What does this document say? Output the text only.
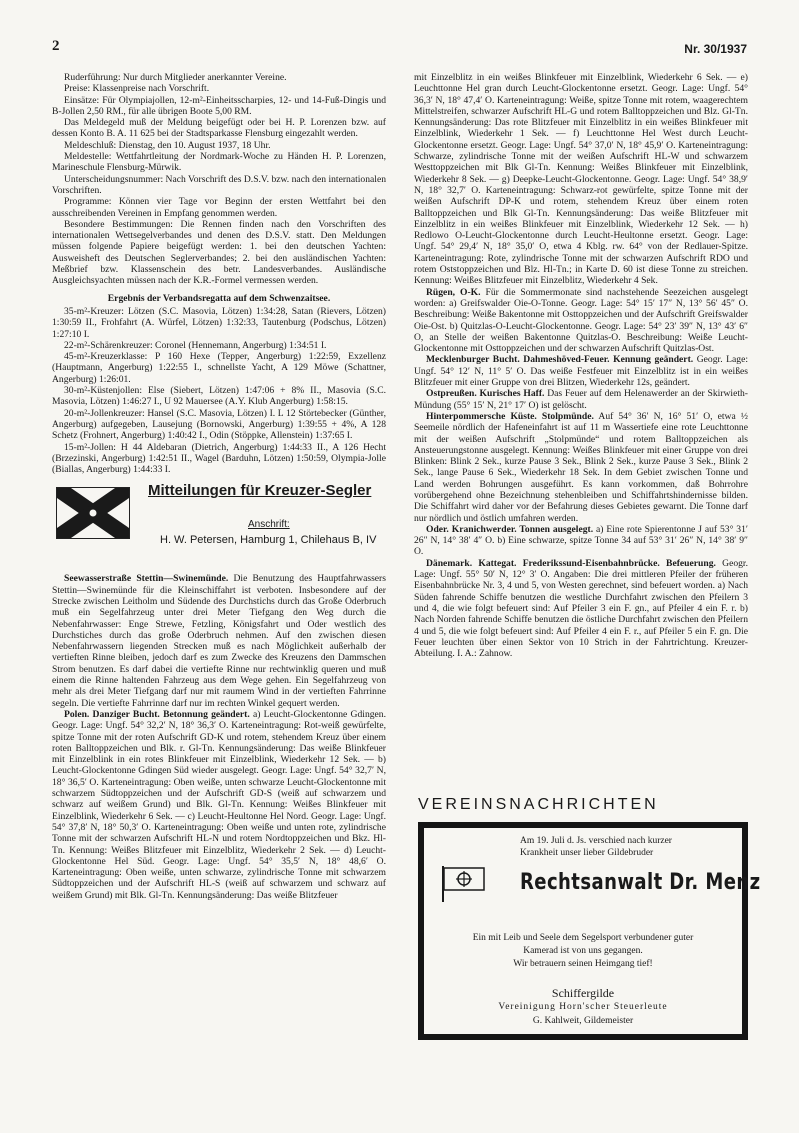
2	Nr. 30/1937

Ruderführung: Nur durch Mitglieder anerkannter Vereine.

Preise: Klassenpreise nach Vorschrift.

Einsätze: Für Olympiajollen, 12-m²-Einheitsscharpies, 12- und 14-Fuß-Dingis und B-Jollen 2,50 RM., für alle übrigen Boote 5,00 RM.

Das Meldegeld muß der Meldung beigefügt oder bei H. P. Lorenzen bzw. auf dessen Konto B. A. 11 625 bei der Stadtsparkasse Flensburg eingezahlt werden.

Meldeschluß: Dienstag, den 10. August 1937, 18 Uhr.

Meldestelle: Wettfahrtleitung der Nordmark-Woche zu Händen H. P. Lorenzen, Marineschule Flensburg-Mürwik.

Unterscheidungsnummer: Nach Vorschrift des D.S.V. bzw. nach den internationalen Vorschriften.

Programme: Können vier Tage vor Beginn der ersten Wettfahrt bei den ausschreibenden Vereinen in Empfang genommen werden.

Besondere Bestimmungen: Die Rennen finden nach den Vorschriften des internationalen Wettsegelverbandes und denen des D.S.V. statt. Den Meldungen müssen folgende Papiere beigefügt werden: 1. bei den deutschen Yachten: Ausweisheft des Deutschen Seglerverbandes; 2. bei den ausländischen Yachten: Meßbrief bzw. Klassenschein des betr. Landesverbandes. Ausländische Ausgleichsyachten müssen nach der K.R.-Formel vermessen werden.

Ergebnis der Verbandsregatta auf dem Schwenzaitsee.

35-m²-Kreuzer: Lötzen (S.C. Masovia, Lötzen) 1:34:28, Satan (Rievers, Lötzen) 1:30:59 II., Frohfahrt (A. Würfel, Lötzen) 1:32:33, Tautenburg (Podschus, Lötzen) 1:27:10 I.

22-m²-Schärenkreuzer: Coronel (Hennemann, Angerburg) 1:34:51 I.

45-m²-Kreuzerklasse: P 160 Hexe (Tepper, Angerburg) 1:22:59, Exzellenz (Hauptmann, Angerburg) 1:22:55 I., schnellste Yacht, A 129 Möwe (Schattner, Angerburg) 1:26:01.

30-m²-Küstenjollen: Else (Siebert, Lötzen) 1:47:06 + 8% II., Masovia (S.C. Masovia, Lötzen) 1:46:27 I., U 92 Mauersee (A.Y. Klub Angerburg) 1:58:15.

20-m²-Jollenkreuzer: Hansel (S.C. Masovia, Lötzen) I. L 12 Störtebecker (Günther, Angerburg) aufgegeben, Lausejung (Bornowski, Angerburg) 1:39:55 + 4%, A 128 Schetz (Frohnert, Angerburg) 1:40:42 I., Odin (Stöppke, Allenstein) 1:37:65 I.

15-m²-Jollen: H 44 Aldebaran (Dietrich, Angerburg) 1:44:33 II., A 126 Hecht (Brzezinski, Angerburg) 1:42:51 II., Wagel (Barduhn, Lötzen) 1:50:59, Olympia-Jolle (Biallas, Angerburg) 1:44:33 I.

Mitteilungen für Kreuzer-Segler
Anschrift:
H. W. Petersen, Hamburg 1, Chilehaus B, IV

Seewasserstraße Stettin—Swinemünde. Die Benutzung des Hauptfahrwassers Stettin—Swinemünde für die Kleinschiffahrt ist verboten. Insbesondere auf der Strecke zwischen Leitholm und Südende des Durchstichs durch das Große Oderbruch muß ein Segelfahrzeug unter drei Meter Tiefgang den Weg durch die Nebenfahrwasser: Enge Strewe, Fetzling, Königsfahrt und Oder westlich des Durchstiches durch das große Oderbruch nehmen. Auf den zwischen diesen Nebenfahrwassern liegenden Strecken muß es nach Möglichkeit außerhalb der vertieften Rinne bleiben, jedoch darf es zum Zwecke des Kreuzens den Dammschen Strom benutzen. Es darf dabei die vertiefte Rinne nur rechtwinklig queren und muß einem die Rinne haltenden Fahrzeug aus dem Wege gehen. Ein Segelfahrzeug von mehr als drei Meter Tiefgang darf nur mit raumem Wind in der vertieften Fahrrinne segeln. Die vertiefte Fahrrinne darf nur im rechten Winkel gequert werden.

Polen. Danziger Bucht. Betonnung geändert. a) Leucht-Glockentonne Gdingen. Geogr. Lage: Ungf. 54° 32,2′ N, 18° 36,3′ O. Karteneintragung: Rot-weiß gewürfelte, spitze Tonne mit der roten Aufschrift GD-K und rotem, stehendem Kreuz über einem roten Balltoppzeichen und Blk. r. Gl-Tn. Kennungsänderung: Das weiße Blinkfeuer mit Einzelblink in ein rotes Blinkfeuer mit Einzelblink, Wiederkehr 12 Sek. — b) Leucht-Glockentonne Gdingen Süd wieder ausgelegt. Geogr. Lage: Ungf. 54° 32,7′ N, 18° 36,5′ O. Karteneintragung: Oben weiße, unten schwarze Leucht-Glockentonne mit schwarzem Südtoppzeichen und der Aufschrift GD-S (weiß auf schwarzem und schwarz auf weißem Grund) und Blk. Gl-Tn. Kennung: Weißes Blinkfeuer mit Einzelblink, Wiederkehr 6 Sek. — c) Leucht-Heultonne Hel Nord. Geogr. Lage: Ungf. 54° 37,8′ N, 18° 50,3′ O. Karteneintragung: Oben weiße und unten rote, zylindrische Tonne mit der schwarzen Aufschrift HL-N und rotem Nordtoppzeichen und Bkz. Hl-Tn. Kennung: Weißes Blitzfeuer mit Einzelblitz, Wiederkehr 2 Sek. — d) Leucht-Glockentonne Hel Süd. Geogr. Lage: Ungf. 54° 35,5′ N, 18° 48,6′ O. Karteneintragung: Oben weiße, unten schwarze, zylindrische Tonne mit schwarzem Südtoppzeichen und der Aufschrift HL-S (weiß auf schwarzem und schwarz auf weißem Grund) mit Blk. Gl-Tn. Kennungsänderung: Das weiße Blitzfeuer

mit Einzelblitz in ein weißes Blinkfeuer mit Einzelblink, Wiederkehr 6 Sek. — e) Leuchttonne Hel gran durch Leucht-Glockentonne ersetzt. Geogr. Lage: Ungf. 54° 36,3′ N, 18° 47,4′ O. Karteneintragung: Weiße, spitze Tonne mit rotem, waagerechtem Mittelstreifen, schwarzer Aufschrift HL-G und rotem Balltoppzeichen und Blz. Gl-Tn. Kennungsänderung: Das rote Blitzfeuer mit Einzelblitz in ein weißes Blinkfeuer mit Einzelblink, Wiederkehr 1 Sek. — f) Leuchttonne Hel West durch Leucht-Glockentonne ersetzt. Geogr. Lage: Ungf. 54° 37,0′ N, 18° 45,9′ O. Karteneintragung: Schwarze, zylindrische Tonne mit der weißen Aufschrift HL-W und schwarzem Westtoppzeichen mit Blk Gl-Tn. Kennung: Weißes Blinkfeuer mit Einzelblink, Wiederkehr 8 Sek. — g) Deepke-Leucht-Glockentonne. Geogr. Lage: Ungf. 54° 38,9′ N, 18° 32,7′ O. Karteneintragung: Schwarz-rot gewürfelte, spitze Tonne mit der weißen Aufschrift DP-K und rotem, stehendem Kreuz über einem roten Balltoppzeichen und Blk Gl-Tn. Kennungsänderung: Das weiße Blitzfeuer mit Einzelblitz in ein weißes Blinkfeuer mit Einzelblink, Wiederkehr 12 Sek. — h) Redlowo O-Leucht-Glockentonne durch Leucht-Heultonne ersetzt. Geogr. Lage: Ungf. 54° 29,4′ N, 18° 35,0′ O, etwa 4 Kblg. rw. 64° von der Redlauer-Spitze. Karteneintragung: Rote, zylindrische Tonne mit der schwarzen Aufschrift RDO und rotem Oststoppzeichen und Blz. Hl-Tn.; in Karte D. 60 ist diese Tonne zu streichen. Kennung: Weißes Blitzfeuer mit Einzelblitz, Wiederkehr 4 Sek.

Rügen, O-K. Für die Sommermonate sind nachstehende Seezeichen ausgelegt worden: a) Greifswalder Oie-O-Tonne. Geogr. Lage: 54° 15′ 17″ N, 13° 56′ 45″ O. Beschreibung: Weiße Bakentonne mit Osttoppzeichen und der Aufschrift Greifswalder Oie-Ost. b) Quitzlas-O-Leucht-Glockentonne. Geogr. Lage: 54° 23′ 39″ N, 13° 43′ 6″ O, an Stelle der weißen Bakentonne Quitzlas-O. Beschreibung: Weiße Leucht-Glockentonne mit Osttoppzeichen und der schwarzen Aufschrift Quitzlas-Ost.

Mecklenburger Bucht. Dahmeshöved-Feuer. Kennung geändert. Geogr. Lage: Ungf. 54° 12′ N, 11° 5′ O. Das weiße Festfeuer mit Einzelblitz ist in ein weißes Blitzfeuer mit einer Gruppe von drei Blitzen, Wiederkehr 12s, geändert.

Ostpreußen. Kurisches Haff. Das Feuer auf dem Helenawerder an der Skirwieth-Mündung (55° 15′ N, 21° 17′ O) ist gelöscht.

Hinterpommersche Küste. Stolpmünde. Auf 54° 36′ N, 16° 51′ O, etwa ½ Seemeile nördlich der Hafeneinfahrt ist auf 11 m Wassertiefe eine rote Leuchttonne mit der weißen Aufschrift „Stolpmünde“ und rotem Balltoppzeichen als Ansteuerungstonne ausgelegt. Kennung: Weißes Blinkfeuer mit einer Gruppe von drei Blinken: Blink 2 Sek., kurze Pause 3 Sek., Blink 2 Sek., kurze Pause 3 Sek., Blink 2 Sek., lange Pause 6 Sek., Wiederkehr 18 Sek. In dem Gebiet zwischen Tonne und Land werden Bohrungen ausgeführt. Es kann vorkommen, daß Bohrrohre vorübergehend ohne Bezeichnung stehenbleiben und Schiffahrtshindernisse bilden. Die Schiffahrt wird daher vor der Befahrung dieses Gebietes gewarnt. Die Tonne darf nur nördlich und östlich umfahren werden.

Oder. Kranichwerder. Tonnen ausgelegt. a) Eine rote Spierentonne J auf 53° 31′ 26″ N, 14° 38′ 4″ O. b) Eine schwarze, spitze Tonne 34 auf 53° 31′ 26″ N, 14° 38′ 9″ O.

Dänemark. Kattegat. Frederikssund-Eisenbahnbrücke. Befeuerung. Geogr. Lage: Ungf. 55° 50′ N, 12° 3′ O. Angaben: Die drei mittleren Pfeiler der früheren Eisenbahnbrücke Nr. 3, 4 und 5, von Westen gerechnet, sind befeuert worden. a) Nach Süden fahrende Schiffe benutzen die westliche Durchfahrt zwischen den Pfeilern 3 und 4, die wie folgt befeuert sind: Auf Pfeiler 3 ein F. gn., auf Pfeiler 4 ein F. r. b) Nach Norden fahrende Schiffe benutzen die östliche Durchfahrt zwischen den Pfeilern 4 und 5, die wie folgt befeuert sind: Auf Pfeiler 4 ein F. r., auf Pfeiler 5 ein F. gn. Die Feuer leuchten über einen Sektor von 10 Strich in der Fahrtrichtung. Kreuzer-Abteilung. I. A.: Zahnow.

VEREINSNACHRICHTEN
Am 19. Juli d. Js. verschied nach kurzer
Krankheit unser lieber Gildebruder
Rechtsanwalt Dr. Menz
Ein mit Leib und Seele dem Segelsport verbundener guter
Kamerad ist von uns gegangen.
Wir betrauern seinen Heimgang tief!
Schiffergilde
Vereinigung Horn'scher Steuerleute
G. Kahlweit, Gildemeister
